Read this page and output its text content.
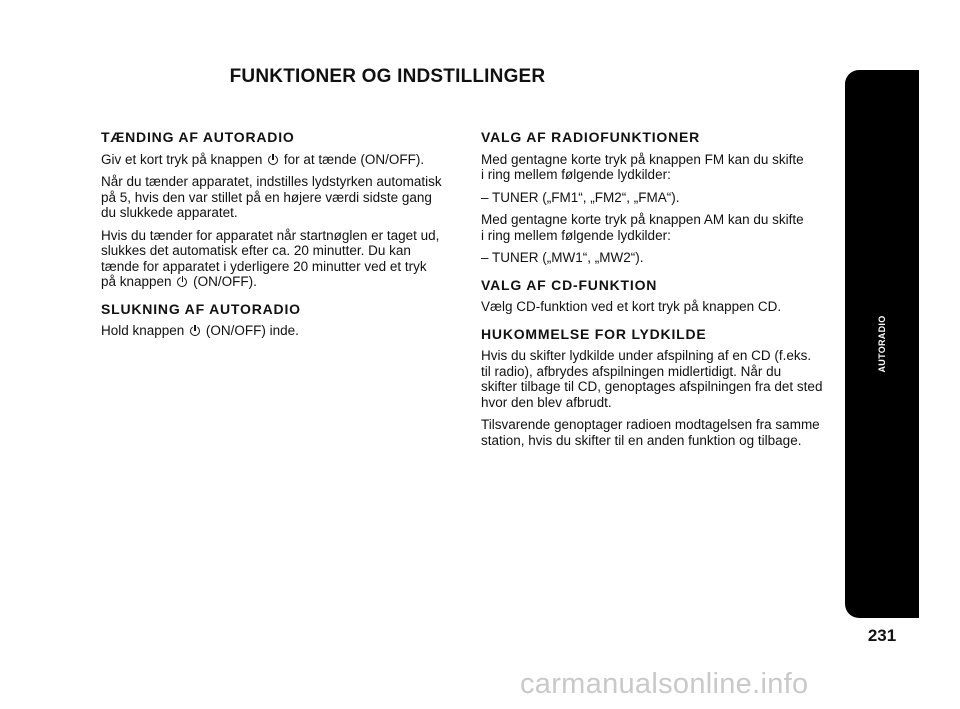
FUNKTIONER OG INDSTILLINGER
TÆNDING AF AUTORADIO
Giv et kort tryk på knappen for at tænde (ON/OFF).
Når du tænder apparatet, indstilles lydstyrken automatisk
på 5, hvis den var stillet på en højere værdi sidste gang
du slukkede apparatet.
Hvis du tænder for apparatet når startnøglen er taget ud,
slukkes det automatisk efter ca. 20 minutter. Du kan
tænde for apparatet i yderligere 20 minutter ved et tryk
på knappen (ON/OFF).
SLUKNING AF AUTORADIO
Hold knappen (ON/OFF) inde.
VALG AF RADIOFUNKTIONER
Med gentagne korte tryk på knappen FM kan du skifte
i ring mellem følgende lydkilder:
– TUNER („FM1“, „FM2“, „FMA“).
Med gentagne korte tryk på knappen AM kan du skifte
i ring mellem følgende lydkilder:
– TUNER („MW1“, „MW2“).
VALG AF CD-FUNKTION
Vælg CD-funktion ved et kort tryk på knappen CD.
HUKOMMELSE FOR LYDKILDE
Hvis du skifter lydkilde under afspilning af en CD (f.eks.
til radio), afbrydes afspilningen midlertidigt. Når du
skifter tilbage til CD, genoptages afspilningen fra det sted
hvor den blev afbrudt.
Tilsvarende genoptager radioen modtagelsen fra samme
station, hvis du skifter til en anden funktion og tilbage.
AUTORADIO
231
carmanualsonline.info
